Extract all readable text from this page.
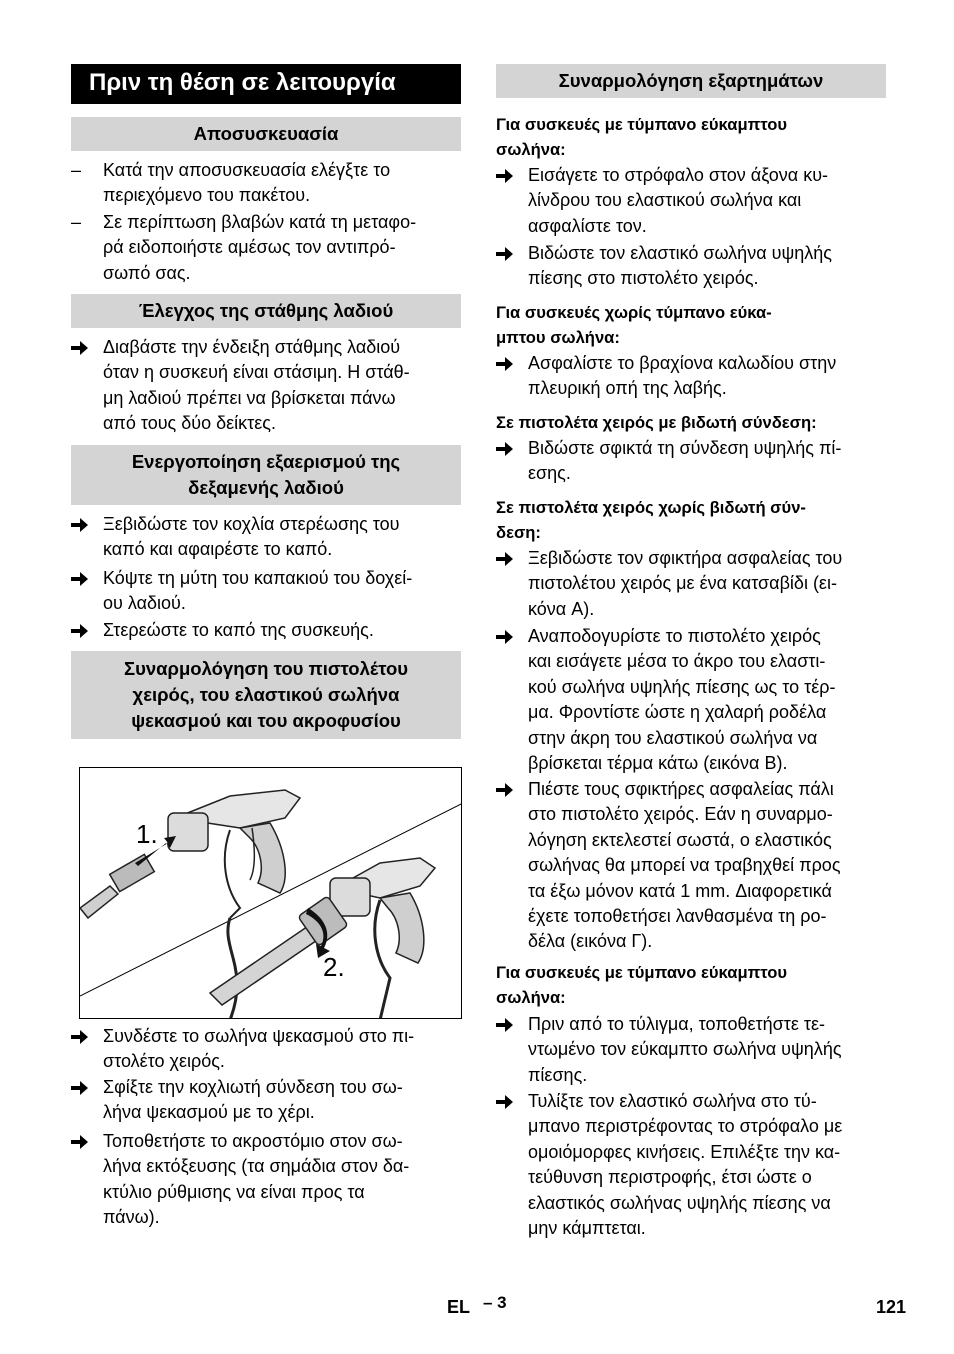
Πριν τη θέση σε λειτουργία
Αποσυσκευασία
–	Κατά την αποσυσκευασία ελέγξτε το
περιεχόμενο του πακέτου.
–	Σε περίπτωση βλαβών κατά τη μεταφο-
ρά ειδοποιήστε αμέσως τον αντιπρό-
σωπό σας.
Έλεγχος της στάθμης λαδιού
Διαβάστε την ένδειξη στάθμης λαδιού
όταν η συσκευή είναι στάσιμη. Η στάθ-
μη λαδιού πρέπει να βρίσκεται πάνω
από τους δύο δείκτες.
Ενεργοποίηση εξαερισμού της
δεξαμενής λαδιού
Ξεβιδώστε τον κοχλία στερέωσης του
καπό και αφαιρέστε το καπό.
Κόψτε τη μύτη του καπακιού του δοχεί-
ου λαδιού.
Στερεώστε το καπό της συσκευής.
Συναρμολόγηση του πιστολέτου
χειρός, του ελαστικού σωλήνα
ψεκασμού και του ακροφυσίου
Συνδέστε το σωλήνα ψεκασμού στο πι-
στολέτο χειρός.
Σφίξτε την κοχλιωτή σύνδεση του σω-
λήνα ψεκασμού με το χέρι.
Τοποθετήστε το ακροστόμιο στον σω-
λήνα εκτόξευσης (τα σημάδια στον δα-
κτύλιο ρύθμισης να είναι προς τα
πάνω).
Συναρμολόγηση εξαρτημάτων
Για συσκευές με τύμπανο εύκαμπτου
σωλήνα:
Εισάγετε το στρόφαλο στον άξονα κυ-
λίνδρου του ελαστικού σωλήνα και
ασφαλίστε τον.
Βιδώστε τον ελαστικό σωλήνα υψηλής
πίεσης στο πιστολέτο χειρός.
Για συσκευές χωρίς τύμπανο εύκα-
μπτου σωλήνα:
Ασφαλίστε το βραχίονα καλωδίου στην
πλευρική οπή της λαβής.
Σε πιστολέτα χειρός με βιδωτή σύνδεση:
Βιδώστε σφικτά τη σύνδεση υψηλής πί-
εσης.
Σε πιστολέτα χειρός χωρίς βιδωτή σύν-
δεση:
Ξεβιδώστε τον σφικτήρα ασφαλείας του
πιστολέτου χειρός με ένα κατσαβίδι (ει-
κόνα A).
Αναποδογυρίστε το πιστολέτο χειρός
και εισάγετε μέσα το άκρο του ελαστι-
κού σωλήνα υψηλής πίεσης ως το τέρ-
μα. Φροντίστε ώστε η χαλαρή ροδέλα
στην άκρη του ελαστικού σωλήνα να
βρίσκεται τέρμα κάτω (εικόνα B).
Πιέστε τους σφικτήρες ασφαλείας πάλι
στο πιστολέτο χειρός. Εάν η συναρμο-
λόγηση εκτελεστεί σωστά, ο ελαστικός
σωλήνας θα μπορεί να τραβηχθεί προς
τα έξω μόνον κατά 1 mm. Διαφορετικά
έχετε τοποθετήσει λανθασμένα τη ρο-
δέλα (εικόνα Γ).
Για συσκευές με τύμπανο εύκαμπτου
σωλήνα:
Πριν από το τύλιγμα, τοποθετήστε τε-
ντωμένο τον εύκαμπτο σωλήνα υψηλής
πίεσης.
Τυλίξτε τον ελαστικό σωλήνα στο τύ-
μπανο περιστρέφοντας το στρόφαλο με
ομοιόμορφες κινήσεις. Επιλέξτε την κα-
τεύθυνση περιστροφής, έτσι ώστε ο
ελαστικός σωλήνας υψηλής πίεσης να
μην κάμπτεται.
1.
2.
EL – 3	121
